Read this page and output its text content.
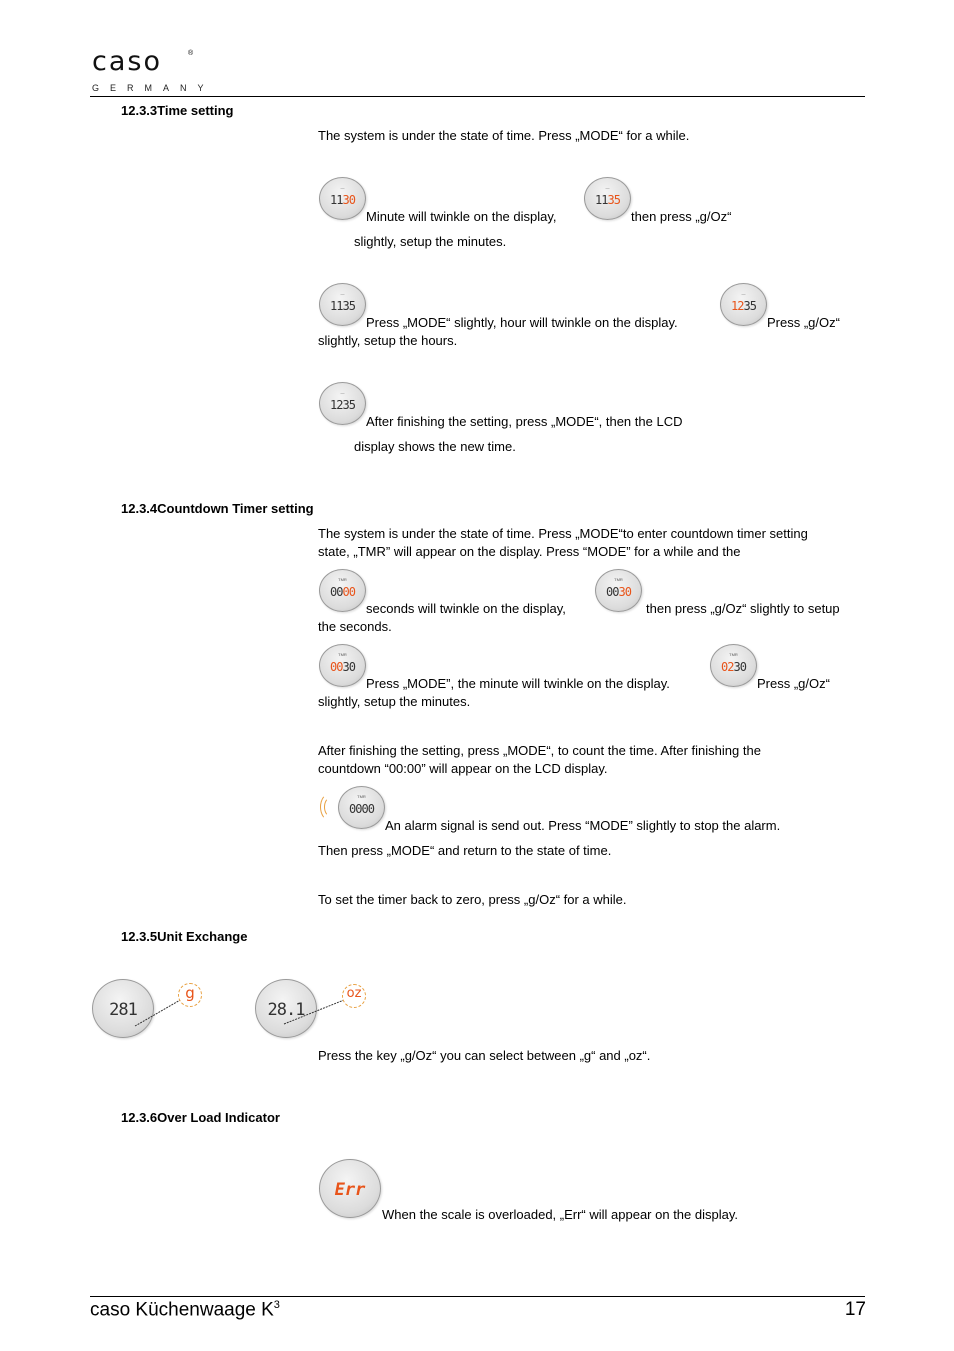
caso	®
GERMANY
12.3.3Time setting
The system is under the state of time. Press „MODE“ for a while.
—
1130
Minute will twinkle on the display,
—
1135
then press „g/Oz“
slightly, setup the minutes.
—
1135
Press „MODE“ slightly, hour will twinkle on the display.
—
1235
Press „g/Oz“
slightly, setup the hours.
—
1235
After finishing the setting, press „MODE“, then the LCD
display shows the new time.
12.3.4Countdown Timer setting
The system is under the state of time. Press „MODE“to enter countdown timer setting
state, „TMR” will appear on the display. Press “MODE” for a while and the
TMR
0000
seconds will twinkle on the display,
TMR
0030
then press „g/Oz“ slightly to setup
the seconds.
TMR
0030
Press „MODE”, the minute will twinkle on the display.
TMR
0230
Press „g/Oz“
slightly, setup the minutes.
After finishing the setting, press „MODE“, to count the time. After finishing the
countdown “00:00” will appear on the LCD display.
TMR
0000
An alarm signal is send out. Press “MODE” slightly to stop the alarm.
Then press „MODE“ and return to the state of time.
To set the timer back to zero, press „g/Oz“ for a while.
12.3.5Unit Exchange
281
g
28.1
oz
Press the key „g/Oz“ you can select between „g“ and „oz“.
12.3.6Over Load Indicator
Err
When the scale is overloaded, „Err“ will appear on the display.
caso Küchenwaage $K^3$	17
